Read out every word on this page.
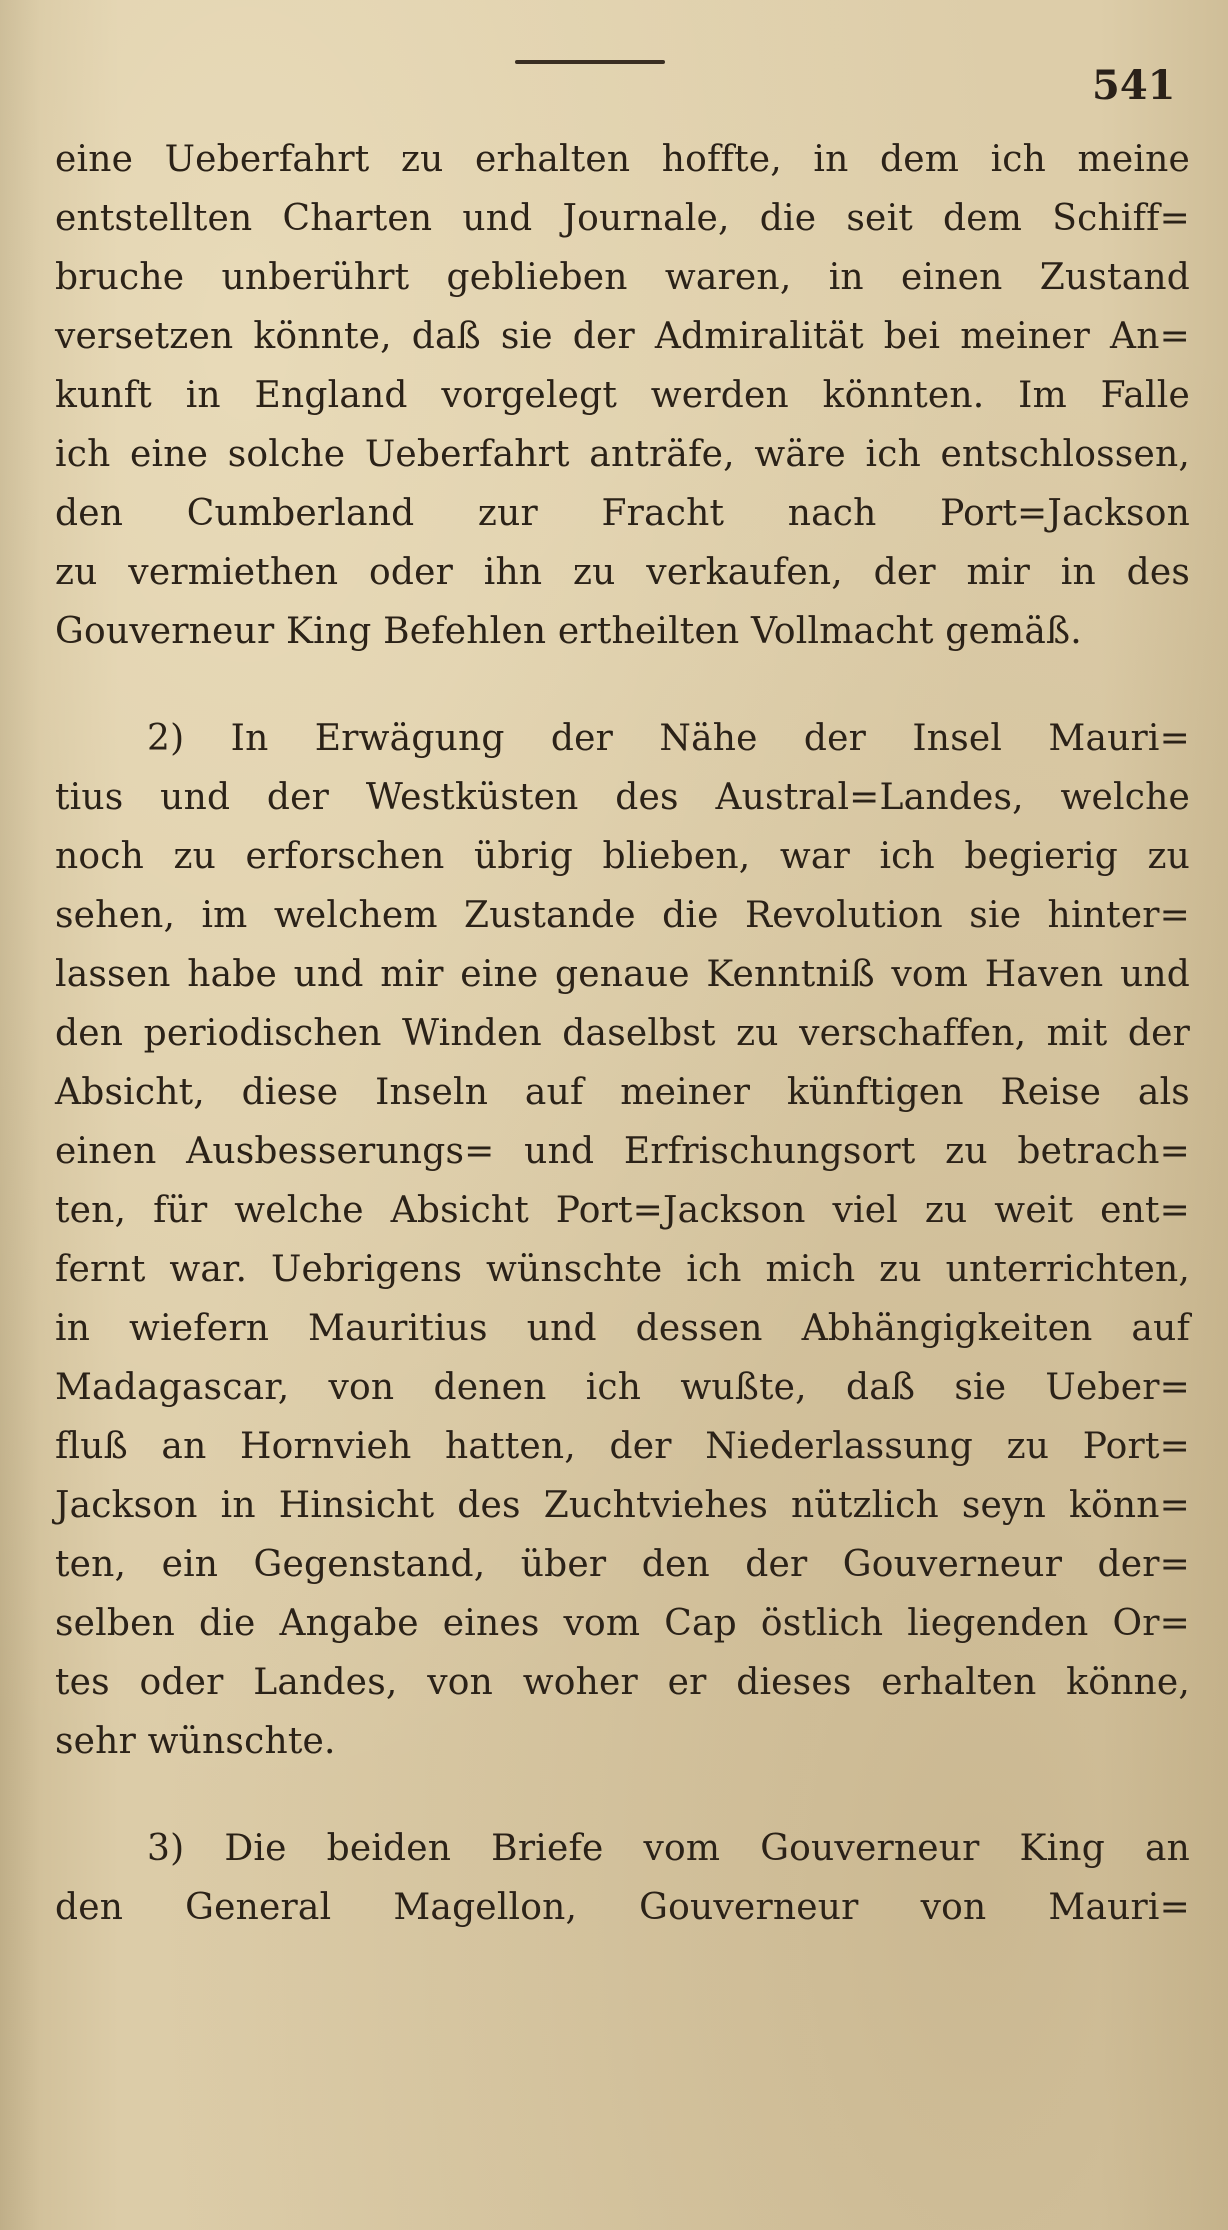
541
eine Ueberfahrt zu erhalten hoffte, in dem ich meine
entstellten Charten und Journale, die seit dem Schiff=
bruche unberührt geblieben waren, in einen Zustand
versetzen könnte, daß sie der Admiralität bei meiner An=
kunft in England vorgelegt werden könnten. Im Falle
ich eine solche Ueberfahrt anträfe, wäre ich entschlossen,
den Cumberland zur Fracht nach Port=Jackson
zu vermiethen oder ihn zu verkaufen, der mir in des
Gouverneur King Befehlen ertheilten Vollmacht gemäß.
2) In Erwägung der Nähe der Insel Mauri=
tius und der Westküsten des Austral=Landes, welche
noch zu erforschen übrig blieben, war ich begierig zu
sehen, im welchem Zustande die Revolution sie hinter=
lassen habe und mir eine genaue Kenntniß vom Haven und
den periodischen Winden daselbst zu verschaffen, mit der
Absicht, diese Inseln auf meiner künftigen Reise als
einen Ausbesserungs= und Erfrischungsort zu betrach=
ten, für welche Absicht Port=Jackson viel zu weit ent=
fernt war. Uebrigens wünschte ich mich zu unterrichten,
in wiefern Mauritius und dessen Abhängigkeiten auf
Madagascar, von denen ich wußte, daß sie Ueber=
fluß an Hornvieh hatten, der Niederlassung zu Port=
Jackson in Hinsicht des Zuchtviehes nützlich seyn könn=
ten, ein Gegenstand, über den der Gouverneur der=
selben die Angabe eines vom Cap östlich liegenden Or=
tes oder Landes, von woher er dieses erhalten könne,
sehr wünschte.
3) Die beiden Briefe vom Gouverneur King an
den General Magellon, Gouverneur von Mauri=
